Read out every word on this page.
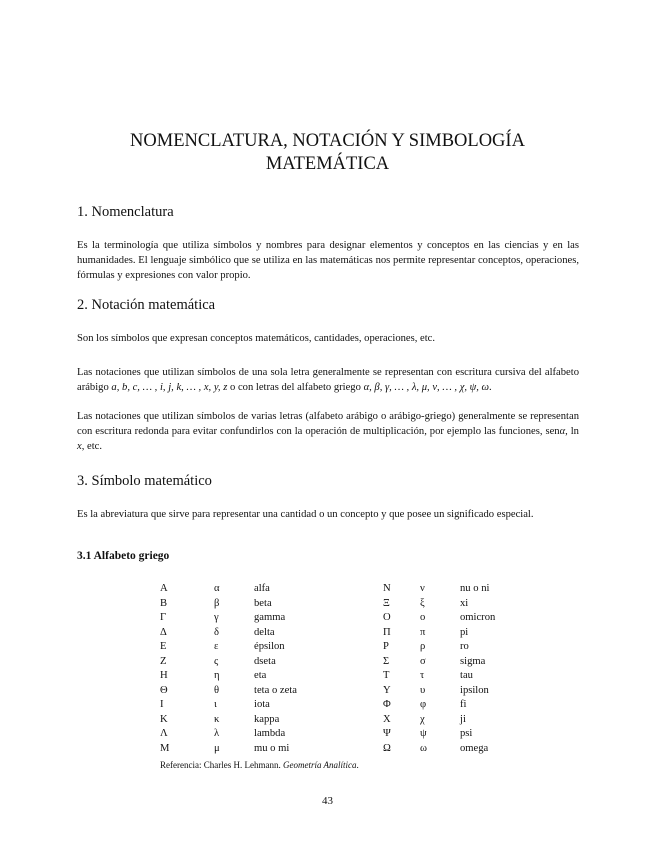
NOMENCLATURA, NOTACIÓN Y SIMBOLOGÍA
MATEMÁTICA
1. Nomenclatura

Es la terminología que utiliza símbolos y nombres para designar elementos y conceptos en las ciencias y en las humanidades. El lenguaje simbólico que se utiliza en las matemáticas nos permite representar conceptos, operaciones, fórmulas y expresiones con valor propio.

2. Notación matemática

Son los símbolos que expresan conceptos matemáticos, cantidades, operaciones, etc.

Las notaciones que utilizan símbolos de una sola letra generalmente se representan con escritura cursiva del alfabeto arábigo a, b, c, … , i, j, k, … , x, y, z o con letras del alfabeto griego α, β, γ, … , λ, μ, ν, … , χ, ψ, ω.

Las notaciones que utilizan símbolos de varias letras (alfabeto arábigo o arábigo-griego) generalmente se representan con escritura redonda para evitar confundirlos con la operación de multiplicación, por ejemplo las funciones, senα, ln x, etc.

3. Símbolo matemático

Es la abreviatura que sirve para representar una cantidad o un concepto y que posee un significado especial.

3.1 Alfabeto griego
Α	α	alfa
Β	β	beta
Γ	γ	gamma
Δ	δ	delta
Ε	ε	épsilon
Ζ	ς	dseta
Η	η	eta
Θ	θ	teta o zeta
Ι	ι	iota
Κ	κ	kappa
Λ	λ	lambda
Μ	μ	mu o mi
Ν	ν	nu o ni
Ξ	ξ	xi
Ο	ο	omicron
Π	π	pi
Ρ	ρ	ro
Σ	σ	sigma
Τ	τ	tau
Υ	υ	ipsilon
Φ	φ	fi
Χ	χ	ji
Ψ	ψ	psi
Ω	ω	omega
Referencia: Charles H. Lehmann. Geometría Analítica.
43
